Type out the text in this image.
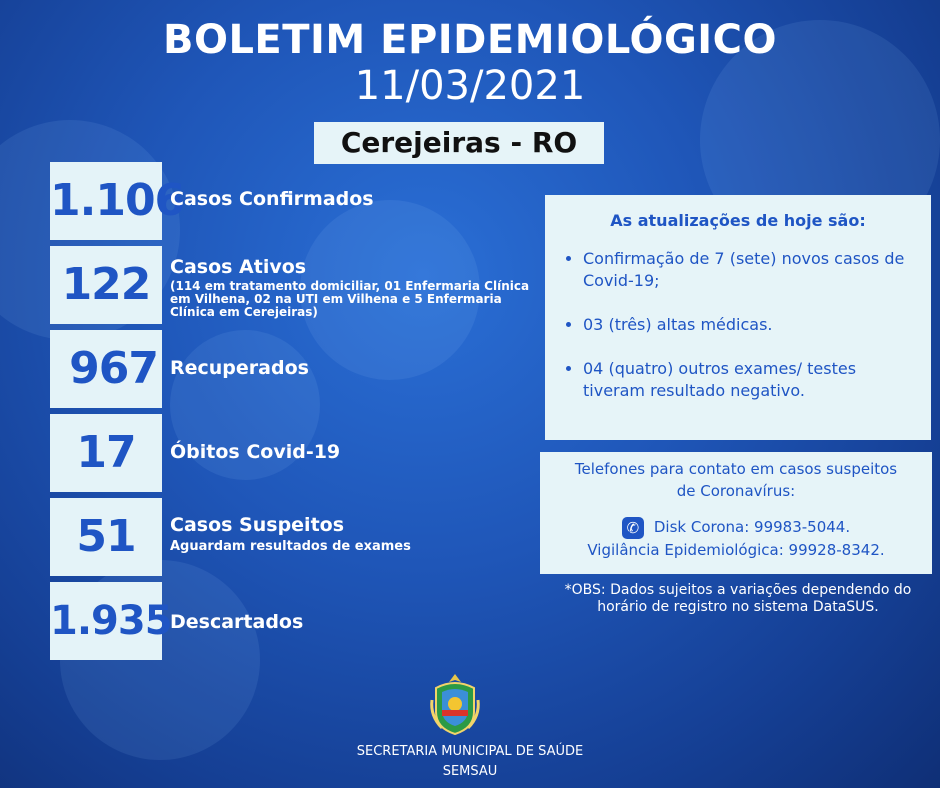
BOLETIM EPIDEMIOLÓGICO
11/03/2021
Cerejeiras - RO
1.106
Casos Confirmados
122	Casos Ativos
(114 em tratamento domiciliar, 01 Enfermaria Clínica em Vilhena, 02 na UTI em Vilhena e 5 Enfermaria Clínica em Cerejeiras)
967 Recuperados
17	Óbitos Covid-19
51	Casos Suspeitos
Aguardam resultados de exames
1.935
Descartados
As atualizações de hoje são:
• Confirmação de 7 (sete) novos casos de Covid-19;
• 03 (três) altas médicas.
• 04 (quatro) outros exames/ testes tiveram resultado negativo.
Telefones para contato em casos suspeitos de Coronavírus:
✆Disk Corona: 99983-5044.
Vigilância Epidemiológica: 99928-8342.
*OBS: Dados sujeitos a variações dependendo do horário de registro no sistema DataSUS.
SECRETARIA MUNICIPAL DE SAÚDE
SEMSAU
